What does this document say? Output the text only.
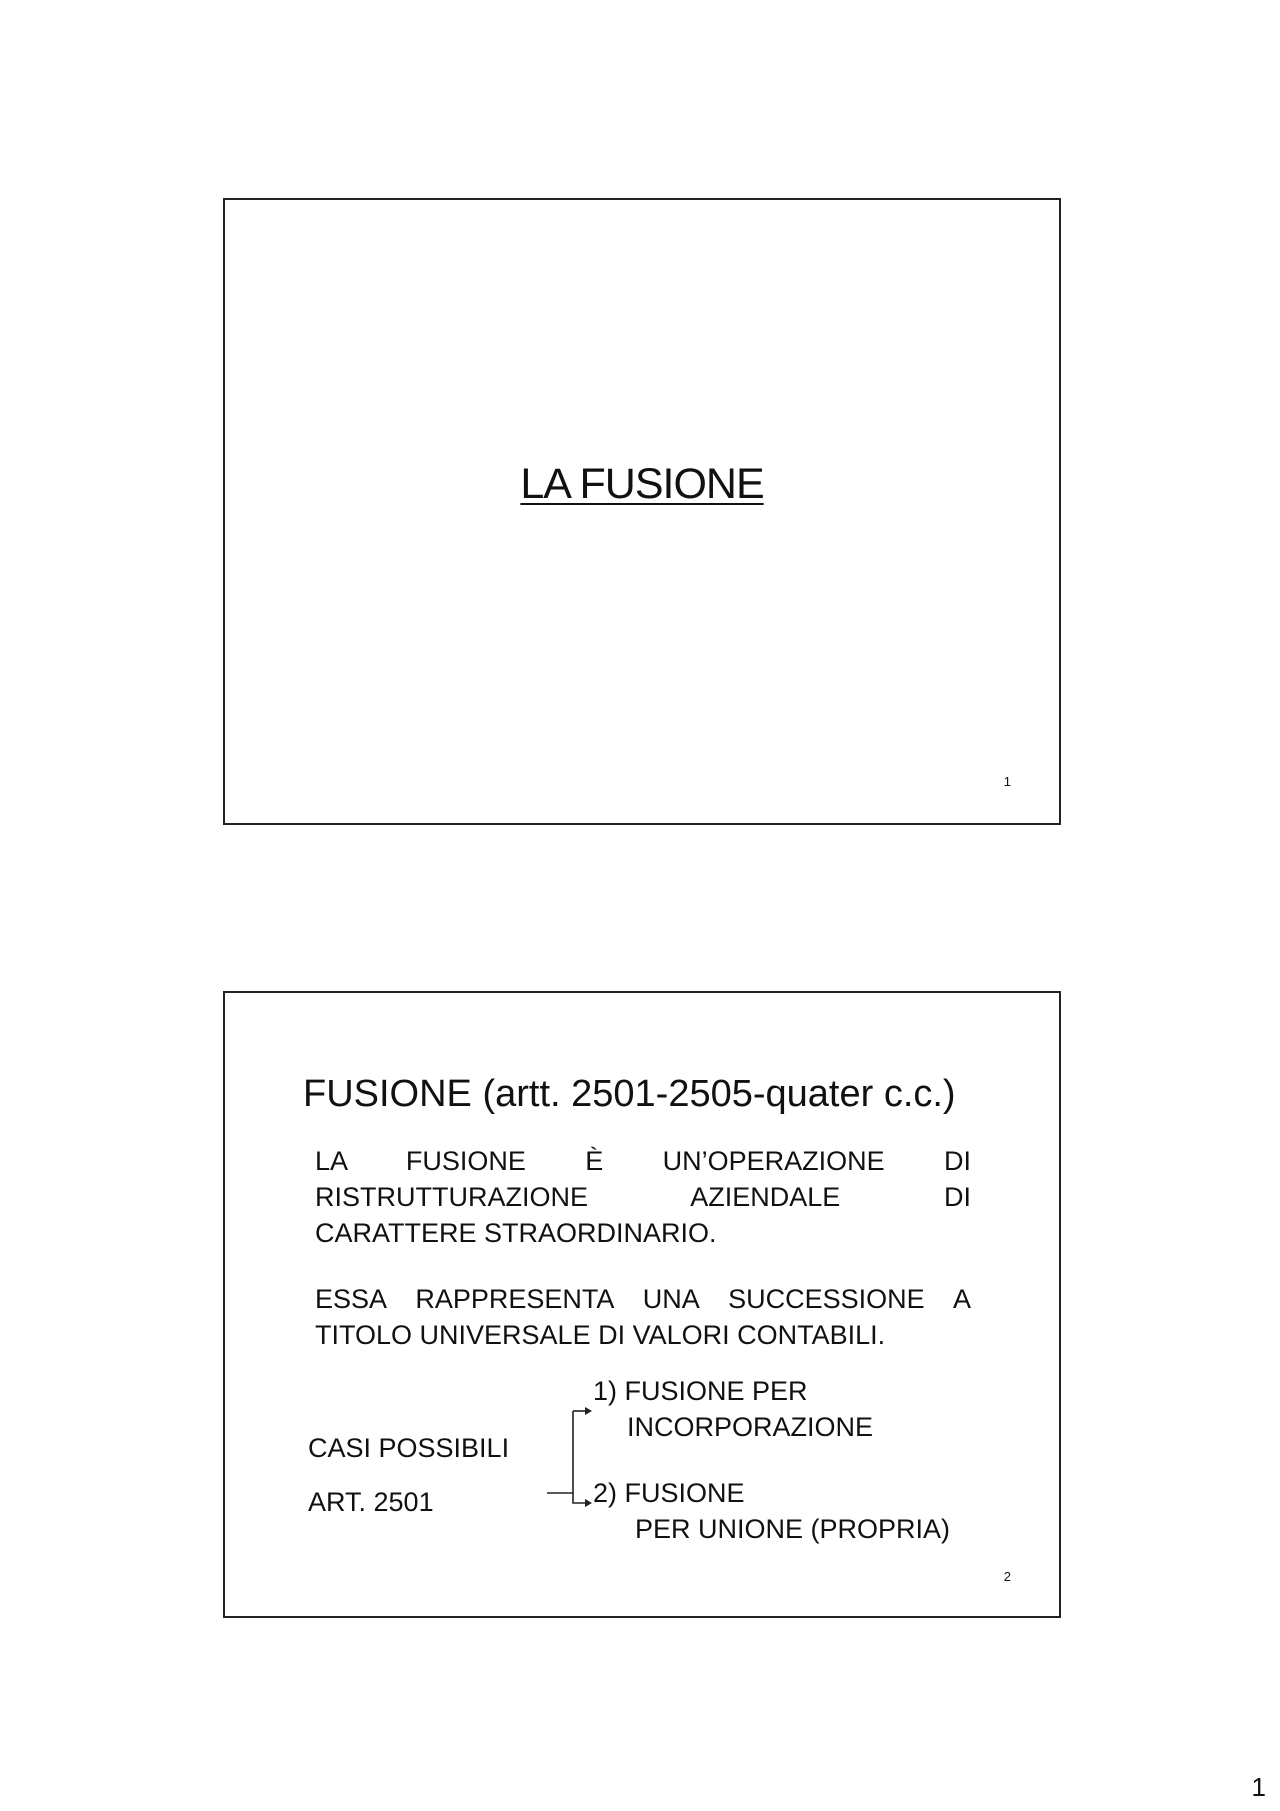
LA FUSIONE
1
FUSIONE (artt. 2501-2505-quater c.c.)
LA FUSIONE È UN’OPERAZIONE DI
RISTRUTTURAZIONE AZIENDALE DI
CARATTERE STRAORDINARIO.
ESSA RAPPRESENTA UNA SUCCESSIONE A
TITOLO UNIVERSALE DI VALORI CONTABILI.
CASI POSSIBILI
ART. 2501
1) FUSIONE PER
INCORPORAZIONE
2) FUSIONE
PER UNIONE (PROPRIA)
2
1
